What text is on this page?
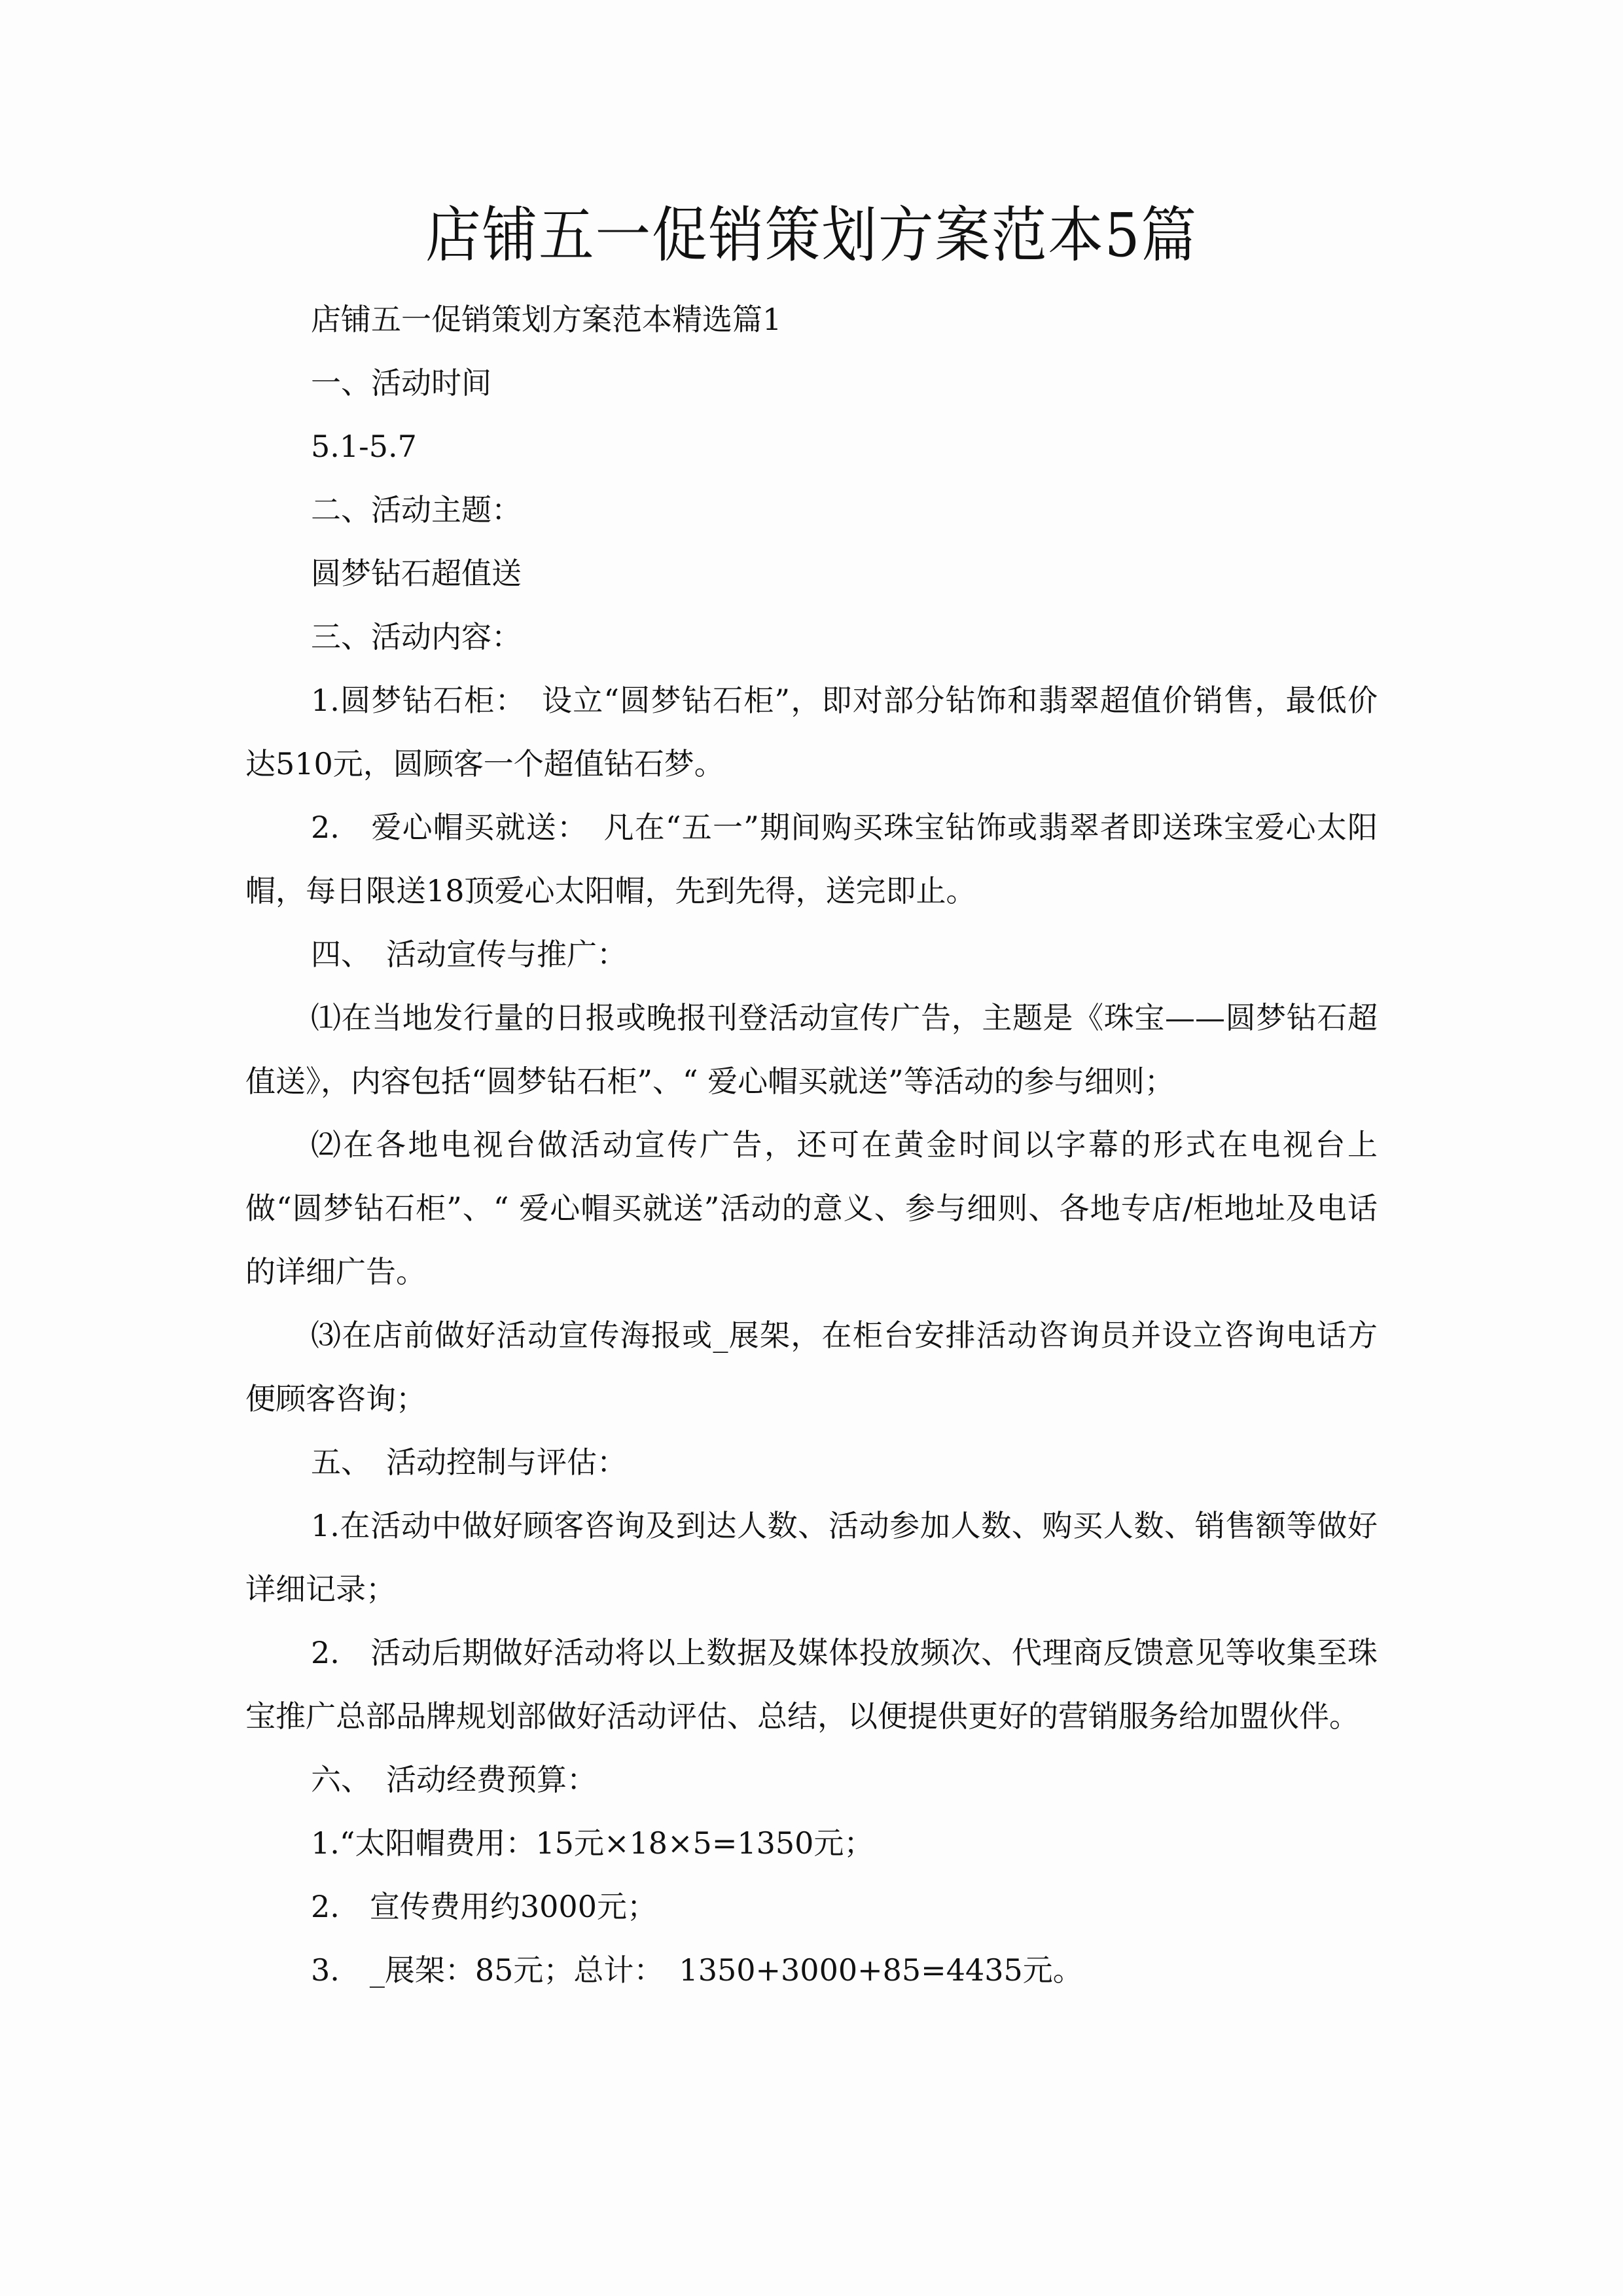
店铺五一促销策划方案范本5篇

店铺五一促销策划方案范本精选篇1

一、活动时间

5.1-5.7

二、活动主题：

圆梦钻石超值送

三、活动内容：

1.圆梦钻石柜：　设立“圆梦钻石柜”，即对部分钻饰和翡翠超值价销售，最低价达510元，圆顾客一个超值钻石梦。

2.　爱心帽买就送：　凡在“五一”期间购买珠宝钻饰或翡翠者即送珠宝爱心太阳帽，每日限送18顶爱心太阳帽，先到先得，送完即止。

四、　活动宣传与推广：

⑴在当地发行量的日报或晚报刊登活动宣传广告，主题是《珠宝——圆梦钻石超值送》，内容包括“圆梦钻石柜”、“ 爱心帽买就送”等活动的参与细则；

⑵在各地电视台做活动宣传广告，还可在黄金时间以字幕的形式在电视台上做“圆梦钻石柜”、“ 爱心帽买就送”活动的意义、参与细则、各地专店/柜地址及电话的详细广告。

⑶在店前做好活动宣传海报或_展架，在柜台安排活动咨询员并设立咨询电话方便顾客咨询；

五、　活动控制与评估：

1.在活动中做好顾客咨询及到达人数、活动参加人数、购买人数、销售额等做好详细记录；

2.　活动后期做好活动将以上数据及媒体投放频次、代理商反馈意见等收集至珠宝推广总部品牌规划部做好活动评估、总结，以便提供更好的营销服务给加盟伙伴。

六、　活动经费预算：

1.“太阳帽费用：15元×18×5=1350元；

2.　宣传费用约3000元；

3.　_展架：85元；总计：　1350+3000+85=4435元。
